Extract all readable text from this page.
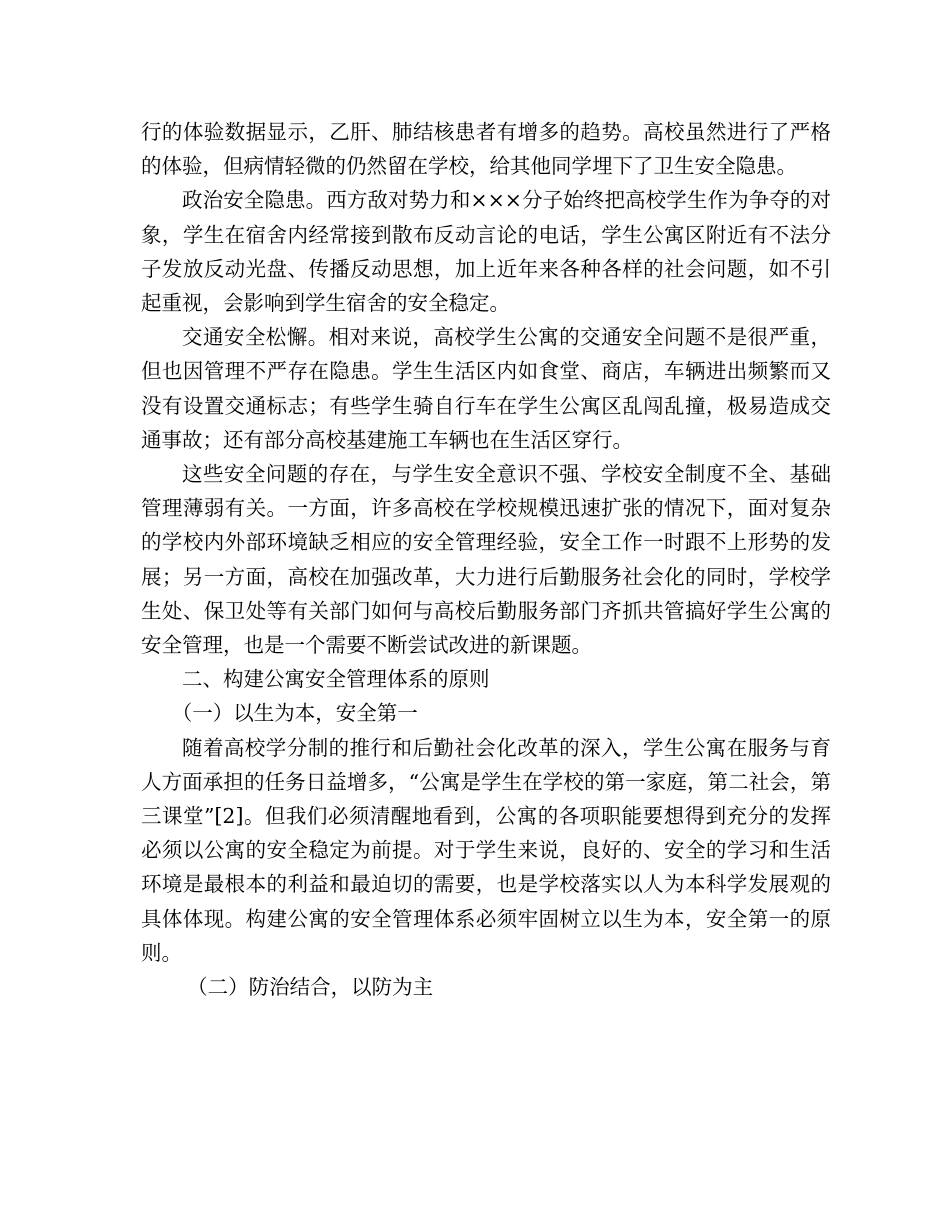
行的体验数据显示，乙肝、肺结核患者有增多的趋势。高校虽然进行了严格的体验，但病情轻微的仍然留在学校，给其他同学埋下了卫生安全隐患。

政治安全隐患。西方敌对势力和×××分子始终把高校学生作为争夺的对象，学生在宿舍内经常接到散布反动言论的电话，学生公寓区附近有不法分子发放反动光盘、传播反动思想，加上近年来各种各样的社会问题，如不引起重视，会影响到学生宿舍的安全稳定。

交通安全松懈。相对来说，高校学生公寓的交通安全问题不是很严重，但也因管理不严存在隐患。学生生活区内如食堂、商店，车辆进出频繁而又没有设置交通标志；有些学生骑自行车在学生公寓区乱闯乱撞，极易造成交通事故；还有部分高校基建施工车辆也在生活区穿行。

这些安全问题的存在，与学生安全意识不强、学校安全制度不全、基础管理薄弱有关。一方面，许多高校在学校规模迅速扩张的情况下，面对复杂的学校内外部环境缺乏相应的安全管理经验，安全工作一时跟不上形势的发展；另一方面，高校在加强改革，大力进行后勤服务社会化的同时，学校学生处、保卫处等有关部门如何与高校后勤服务部门齐抓共管搞好学生公寓的安全管理，也是一个需要不断尝试改进的新课题。

二、构建公寓安全管理体系的原则

（一）以生为本，安全第一

随着高校学分制的推行和后勤社会化改革的深入，学生公寓在服务与育人方面承担的任务日益增多，“公寓是学生在学校的第一家庭，第二社会，第三课堂”[2]。但我们必须清醒地看到，公寓的各项职能要想得到充分的发挥必须以公寓的安全稳定为前提。对于学生来说，良好的、安全的学习和生活环境是最根本的利益和最迫切的需要，也是学校落实以人为本科学发展观的具体体现。构建公寓的安全管理体系必须牢固树立以生为本，安全第一的原则。

（二）防治结合，以防为主
